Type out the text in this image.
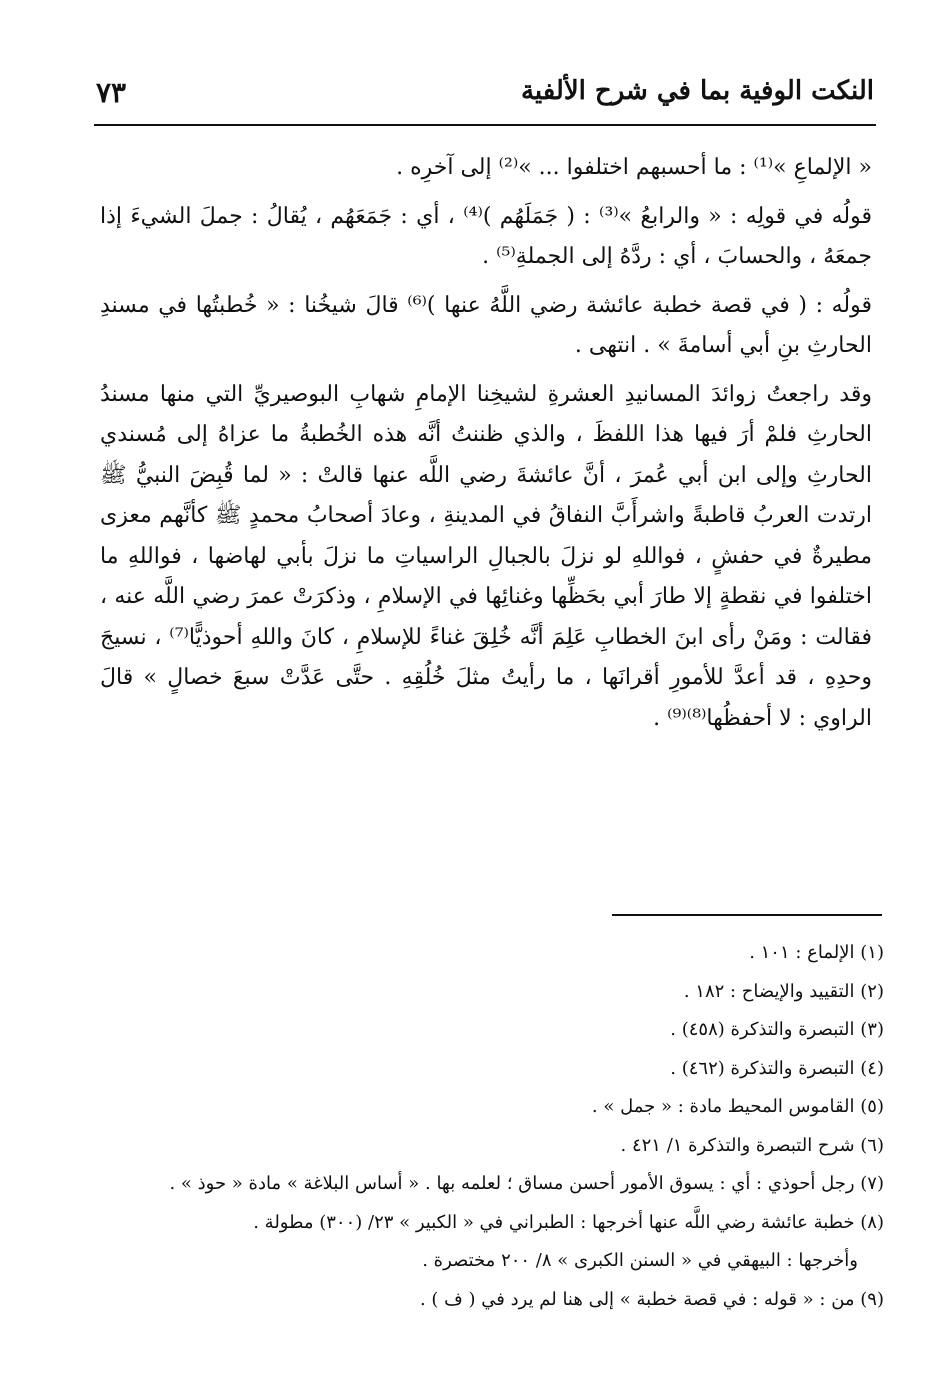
النكت الوفية بما في شرح الألفية
٧٣

« الإلماعِ »⁽¹⁾ : ما أحسبهم اختلفوا ... »⁽²⁾ إلى آخرِه .

قولُه في قولِه : « والرابعُ »⁽³⁾ : ( جَمَلَهُم )⁽⁴⁾ ، أي : جَمَعَهُم ، يُقالُ : جملَ الشيءَ إذا جمعَهُ ، والحسابَ ، أي : ردَّهُ إلى الجملةِ⁽⁵⁾ .

قولُه : ( في قصة خطبة عائشة رضي اللَّهُ عنها )⁽⁶⁾ قالَ شيخُنا : « خُطبتُها في مسندِ الحارثِ بنِ أبي أسامةَ » . انتهى .

وقد راجعتُ زوائدَ المسانيدِ العشرةِ لشيخِنا الإمامِ شهابِ البوصيريِّ التي منها مسندُ الحارثِ فلمْ أرَ فيها هذا اللفظَ ، والذي ظننتُ أنَّه هذه الخُطبةُ ما عزاهُ إلى مُسندي الحارثِ وإلى ابن أبي عُمرَ ، أنَّ عائشةَ رضي اللَّه عنها قالتْ : « لما قُبِضَ النبيُّ ﷺ ارتدت العربُ قاطبةً واشرأَبَّ النفاقُ في المدينةِ ، وعادَ أصحابُ محمدٍ ﷺ كأنَّهم معزى مطيرةٌ في حفشٍ ، فواللهِ لو نزلَ بالجبالِ الراسياتِ ما نزلَ بأبي لهاضها ، فواللهِ ما اختلفوا في نقطةٍ إلا طارَ أبي بحَظِّها وغنائِها في الإسلامِ ، وذكرَتْ عمرَ رضي اللَّه عنه ، فقالت : ومَنْ رأى ابنَ الخطابِ عَلِمَ أنَّه خُلِقَ غناءً للإسلامِ ، كانَ واللهِ أحوذيًّا⁽⁷⁾ ، نسيجَ وحدِهِ ، قد أعدَّ للأمورِ أقرانَها ، ما رأيتُ مثلَ خُلُقِهِ . حتَّى عَدَّتْ سبعَ خصالٍ » قالَ الراوي : لا أحفظُها⁽⁸⁾⁽⁹⁾ .

(١) الإلماع : ١٠١ .
(٢) التقييد والإيضاح : ١٨٢ .
(٣) التبصرة والتذكرة (٤٥٨) .
(٤) التبصرة والتذكرة (٤٦٢) .
(٥) القاموس المحيط مادة : « جمل » .
(٦) شرح التبصرة والتذكرة ١/ ٤٢١ .
(٧) رجل أحوذي : أي : يسوق الأمور أحسن مساق ؛ لعلمه بها . « أساس البلاغة » مادة « حوذ » .
(٨) خطبة عائشة رضي اللَّه عنها أخرجها : الطبراني في « الكبير » ٢٣/ (٣٠٠) مطولة .
وأخرجها : البيهقي في « السنن الكبرى » ٨/ ٢٠٠ مختصرة .
(٩) من : « قوله : في قصة خطبة » إلى هنا لم يرد في ( ف ) .
